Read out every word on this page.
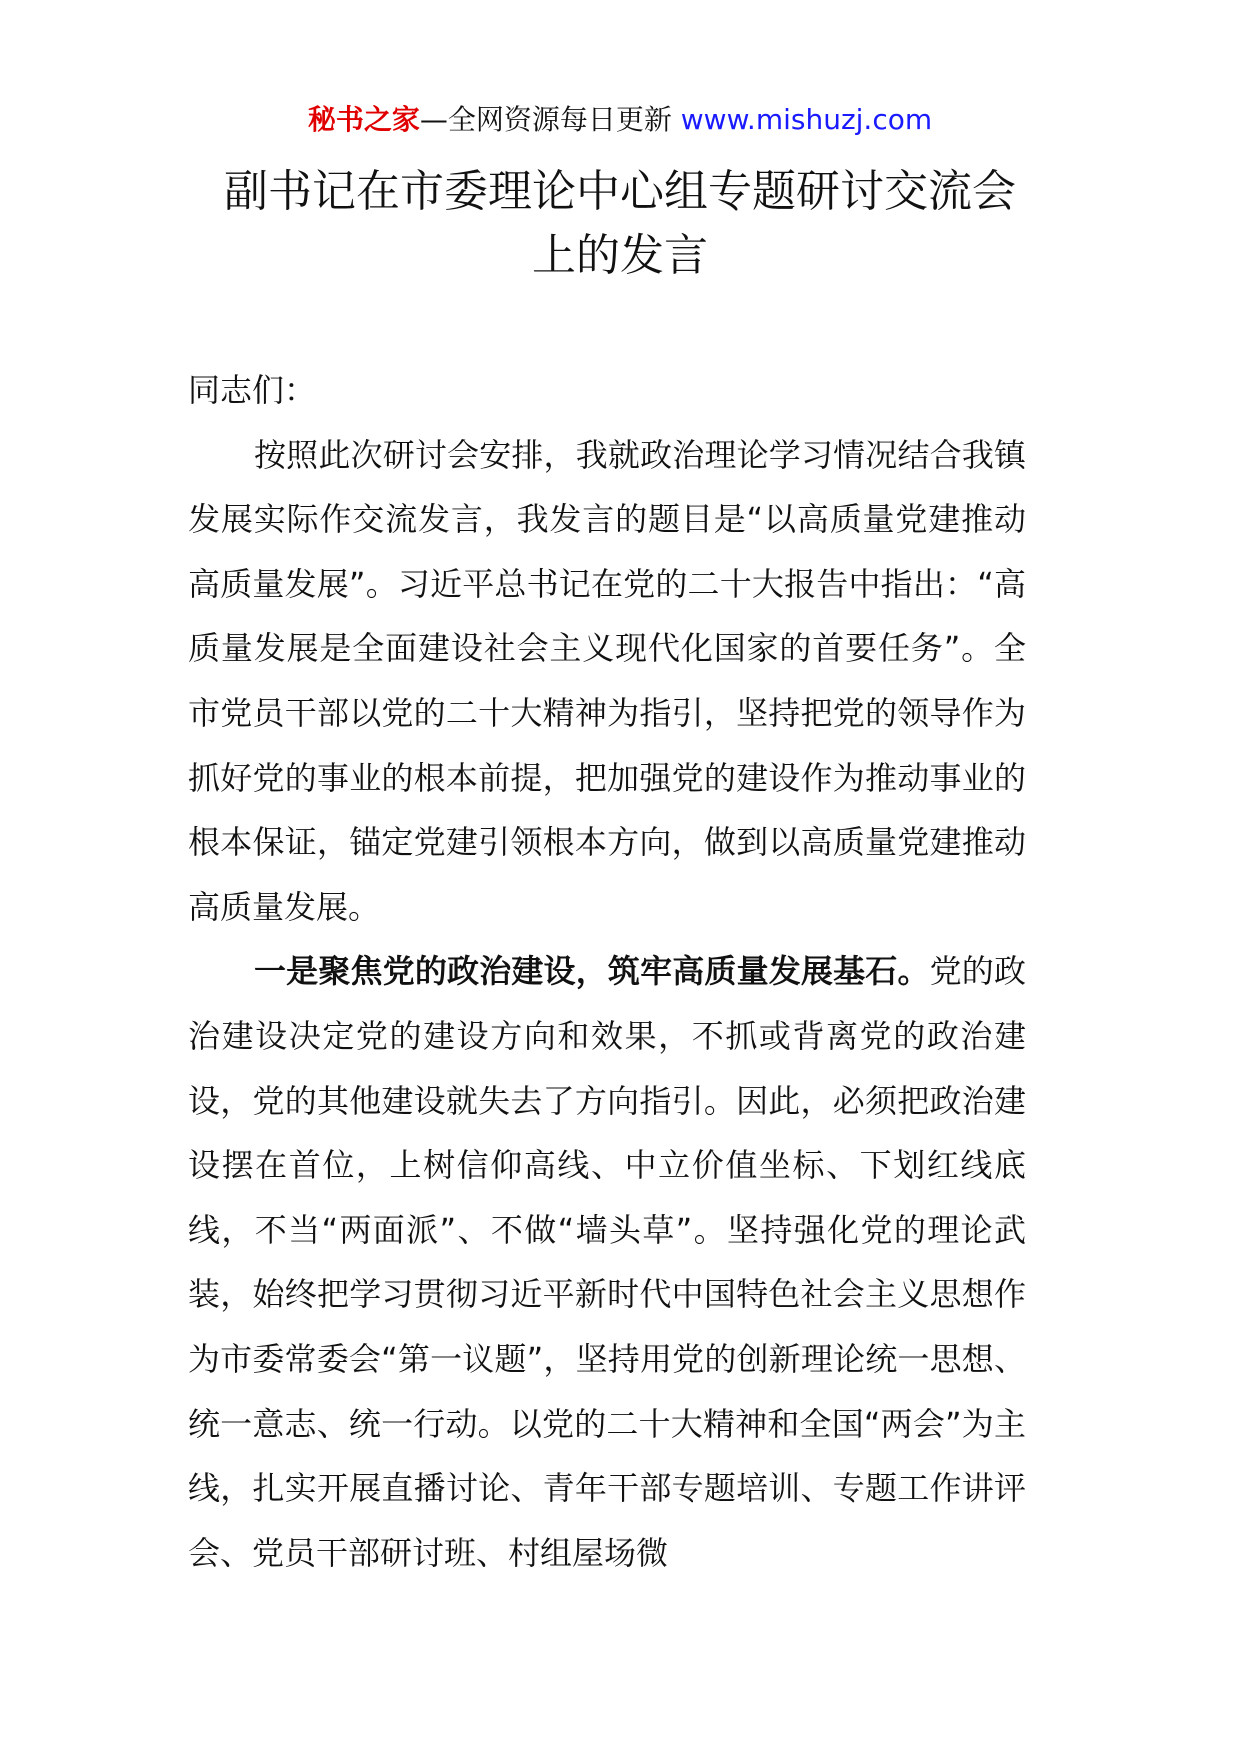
秘书之家—全网资源每日更新 www.mishuzj.com
副书记在市委理论中心组专题研讨交流会
上的发言

同志们：

按照此次研讨会安排，我就政治理论学习情况结合我镇发展实际作交流发言，我发言的题目是“以高质量党建推动高质量发展”。习近平总书记在党的二十大报告中指出：“高质量发展是全面建设社会主义现代化国家的首要任务”。全市党员干部以党的二十大精神为指引，坚持把党的领导作为抓好党的事业的根本前提，把加强党的建设作为推动事业的根本保证，锚定党建引领根本方向，做到以高质量党建推动高质量发展。

一是聚焦党的政治建设，筑牢高质量发展基石。党的政治建设决定党的建设方向和效果，不抓或背离党的政治建设，党的其他建设就失去了方向指引。因此，必须把政治建设摆在首位，上树信仰高线、中立价值坐标、下划红线底线，不当“两面派”、不做“墙头草”。坚持强化党的理论武装，始终把学习贯彻习近平新时代中国特色社会主义思想作为市委常委会“第一议题”，坚持用党的创新理论统一思想、统一意志、统一行动。以党的二十大精神和全国“两会”为主线，扎实开展直播讨论、青年干部专题培训、专题工作讲评会、党员干部研讨班、村组屋场微
